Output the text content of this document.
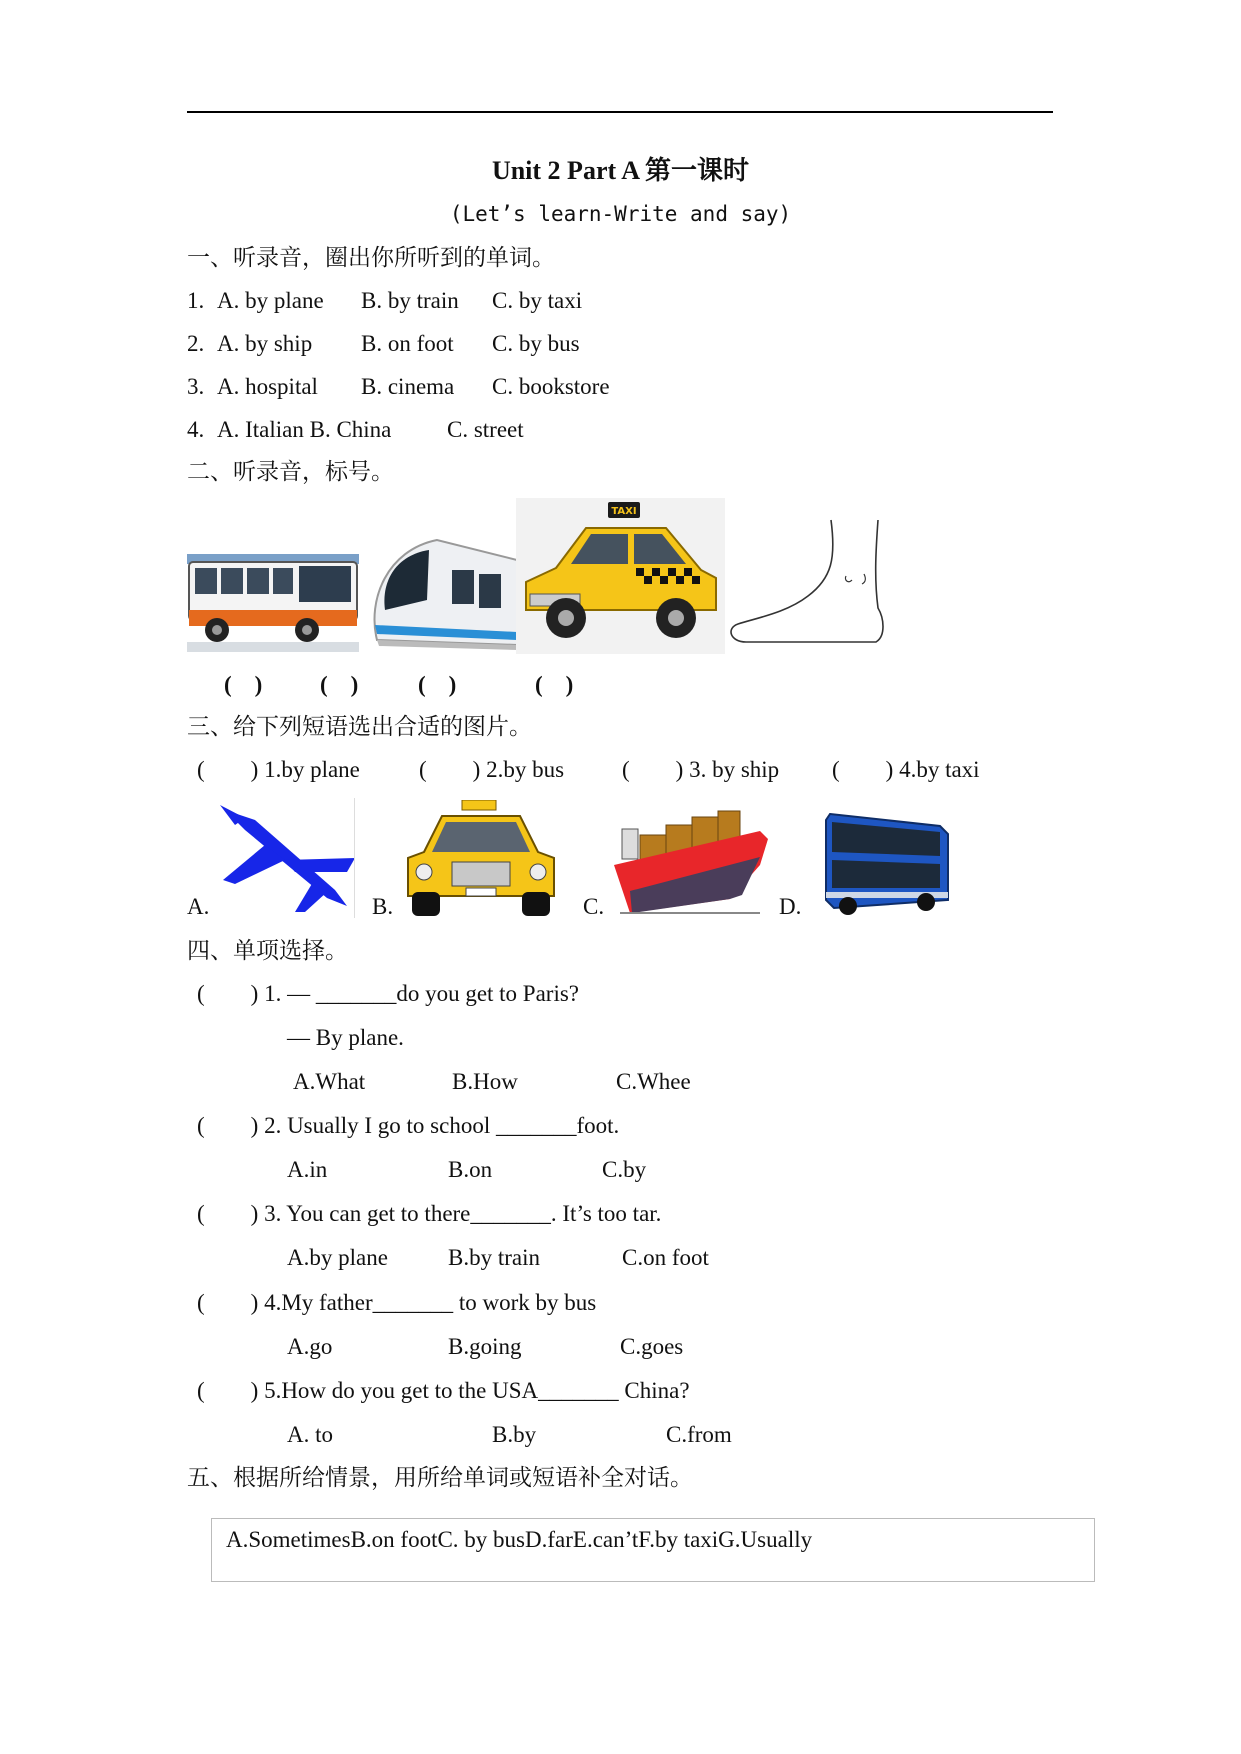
Unit 2 Part A 第一课时
(Let’s learn-Write and say)
一、听录音，圈出你所听到的单词。
1. A. by plane B. by train C. by taxi
2. A. by ship B. on foot C. by bus
3. A. hospital B. cinema C. bookstore
4. A. Italian B. China C. street
二、听录音，标号。
TAXI
(    )	(    )	(    )	(    )
三、给下列短语选出合适的图片。
(        ) 1.by plane	(        ) 2.by bus	(        ) 3. by ship (        ) 4.by taxi
A.	B.	C.	D.
四、单项选择。
(        ) 1. — _______do you get to Paris?
— By plane.
A.What	B.How	C.Whee
(        ) 2. Usually I go to school _______foot.
A.in	B.on	C.by
(        ) 3. You can get to there_______. It’s too tar.
A.by plane	B.by train	C.on foot
(        ) 4.My father_______ to work by bus
A.go	B.going	C.goes
(        ) 5.How do you get to the USA_______ China?
A. to	B.by	C.from
五、根据所给情景，用所给单词或短语补全对话。
A.SometimesB.on footC. by busD.farE.can’tF.by taxiG.Usually
